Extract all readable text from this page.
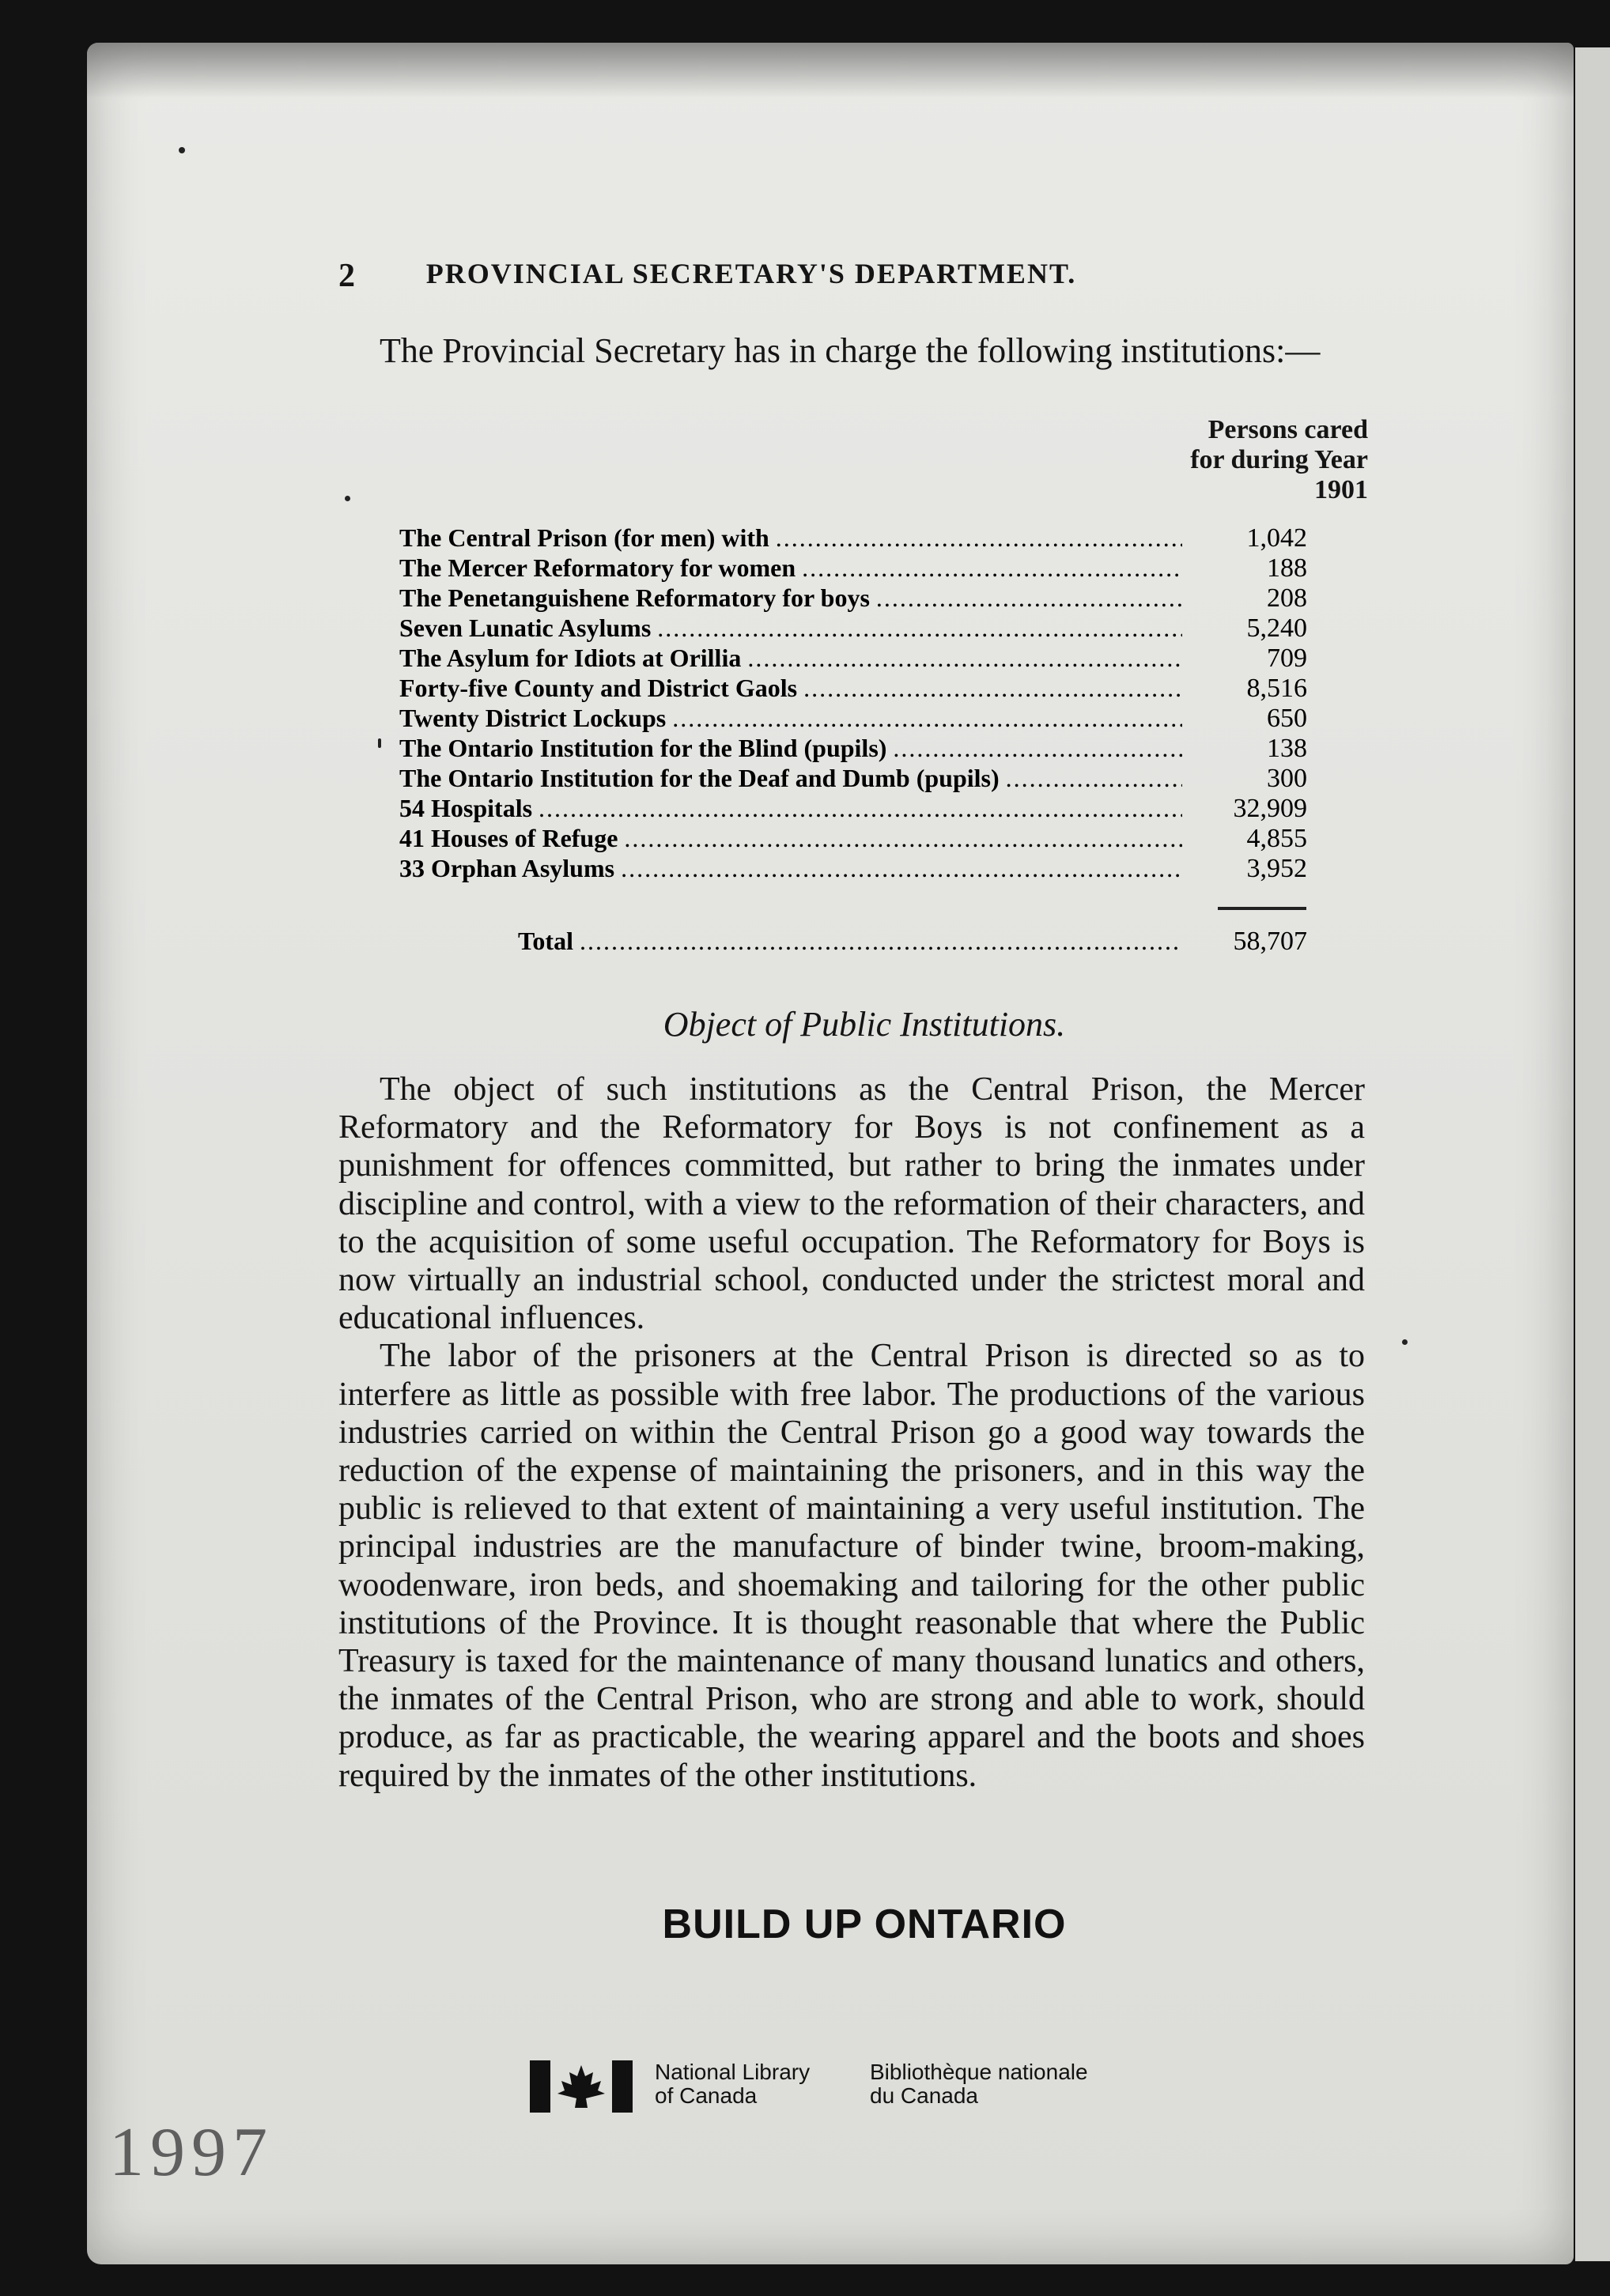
2	PROVINCIAL SECRETARY'S DEPARTMENT.
The Provincial Secretary has in charge the following institutions:—
Persons cared
for during Year
1901
The Central Prison (for men) with . . .	1,042
The Mercer Reformatory for women . . .	188
The Penetanguishene Reformatory for boys . . .	208
Seven Lunatic Asylums . . .	5,240
The Asylum for Idiots at Orillia . . .	709
Forty-five County and District Gaols . . .	8,516
Twenty District Lockups . . .	650
The Ontario Institution for the Blind (pupils) . . .	138
The Ontario Institution for the Deaf and Dumb (pupils) . . .	300
54 Hospitals . . .	32,909
41 Houses of Refuge . . .	4,855
33 Orphan Asylums . . .	3,952
Total . . .	58,707
Object of Public Institutions.

The object of such institutions as the Central Prison, the Mercer Reformatory and the Reformatory for Boys is not confinement as a punishment for offences committed, but rather to bring the inmates under discipline and control, with a view to the reformation of their characters, and to the acquisition of some useful occupation. The Reformatory for Boys is now virtually an industrial school, conducted under the strictest moral and educational influences.

The labor of the prisoners at the Central Prison is directed so as to interfere as little as possible with free labor. The productions of the various industries carried on within the Central Prison go a good way towards the reduction of the expense of maintaining the prisoners, and in this way the public is relieved to that extent of maintaining a very useful institution. The principal industries are the manufacture of binder twine, broom-making, woodenware, iron beds, and shoemaking and tailoring for the other public institutions of the Province. It is thought reasonable that where the Public Treasury is taxed for the maintenance of many thousand lunatics and others, the inmates of the Central Prison, who are strong and able to work, should produce, as far as practicable, the wearing apparel and the boots and shoes required by the inmates of the other institutions.

BUILD UP ONTARIO
National Library
of Canada
Bibliothèque nationale
du Canada
1997
